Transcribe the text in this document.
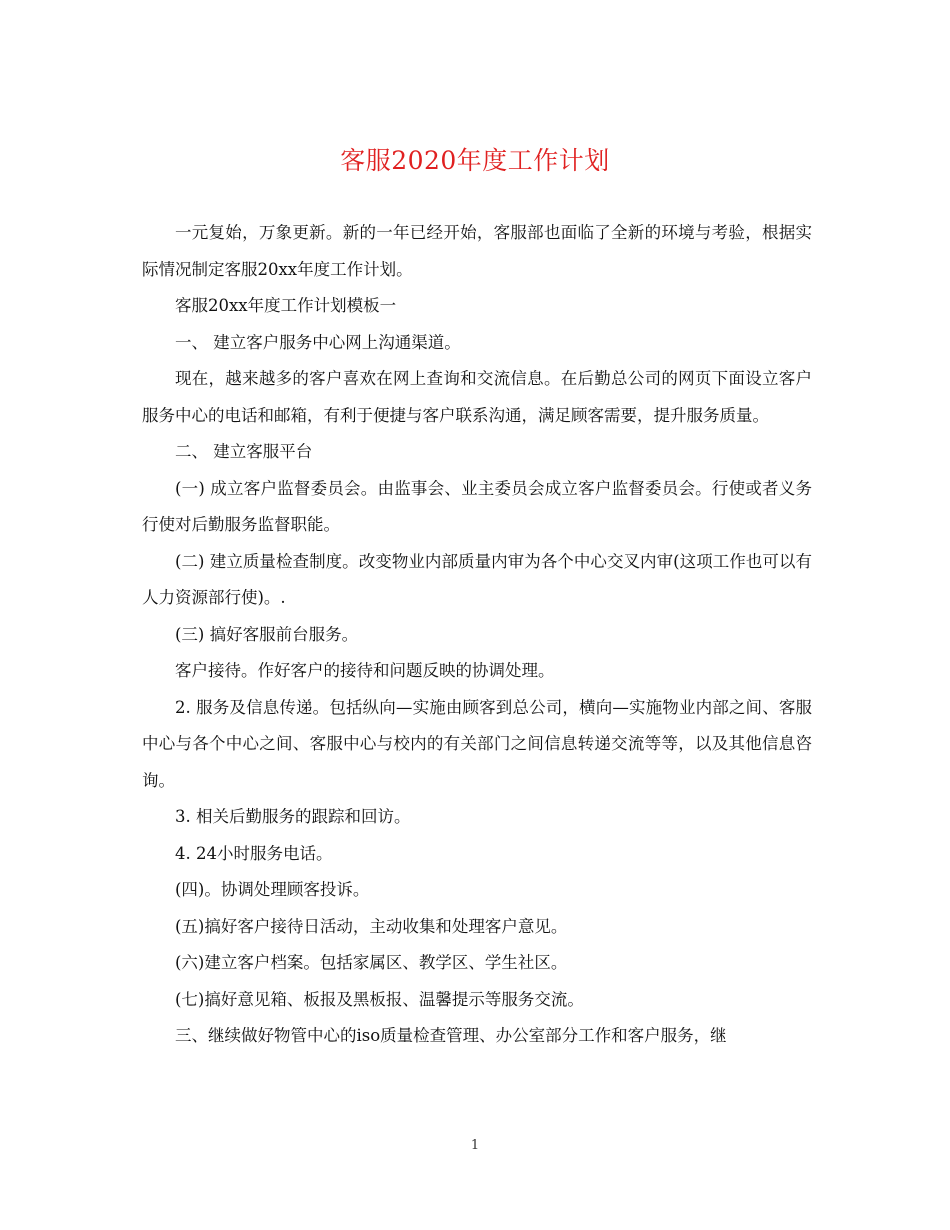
客服2020年度工作计划

一元复始，万象更新。新的一年已经开始，客服部也面临了全新的环境与考验，根据实际情况制定客服20xx年度工作计划。

客服20xx年度工作计划模板一

一、 建立客户服务中心网上沟通渠道。

现在，越来越多的客户喜欢在网上查询和交流信息。在后勤总公司的网页下面设立客户服务中心的电话和邮箱，有利于便捷与客户联系沟通，满足顾客需要，提升服务质量。

二、 建立客服平台

(一) 成立客户监督委员会。由监事会、业主委员会成立客户监督委员会。行使或者义务行使对后勤服务监督职能。

(二) 建立质量检查制度。改变物业内部质量内审为各个中心交叉内审(这项工作也可以有人力资源部行使)。.

(三) 搞好客服前台服务。

客户接待。作好客户的接待和问题反映的协调处理。

2. 服务及信息传递。包括纵向—实施由顾客到总公司，横向—实施物业内部之间、客服中心与各个中心之间、客服中心与校内的有关部门之间信息转递交流等等，以及其他信息咨询。

3. 相关后勤服务的跟踪和回访。

4. 24小时服务电话。

(四)。协调处理顾客投诉。

(五)搞好客户接待日活动，主动收集和处理客户意见。

(六)建立客户档案。包括家属区、教学区、学生社区。

(七)搞好意见箱、板报及黑板报、温馨提示等服务交流。

三、继续做好物管中心的iso质量检查管理、办公室部分工作和客户服务，继

1
